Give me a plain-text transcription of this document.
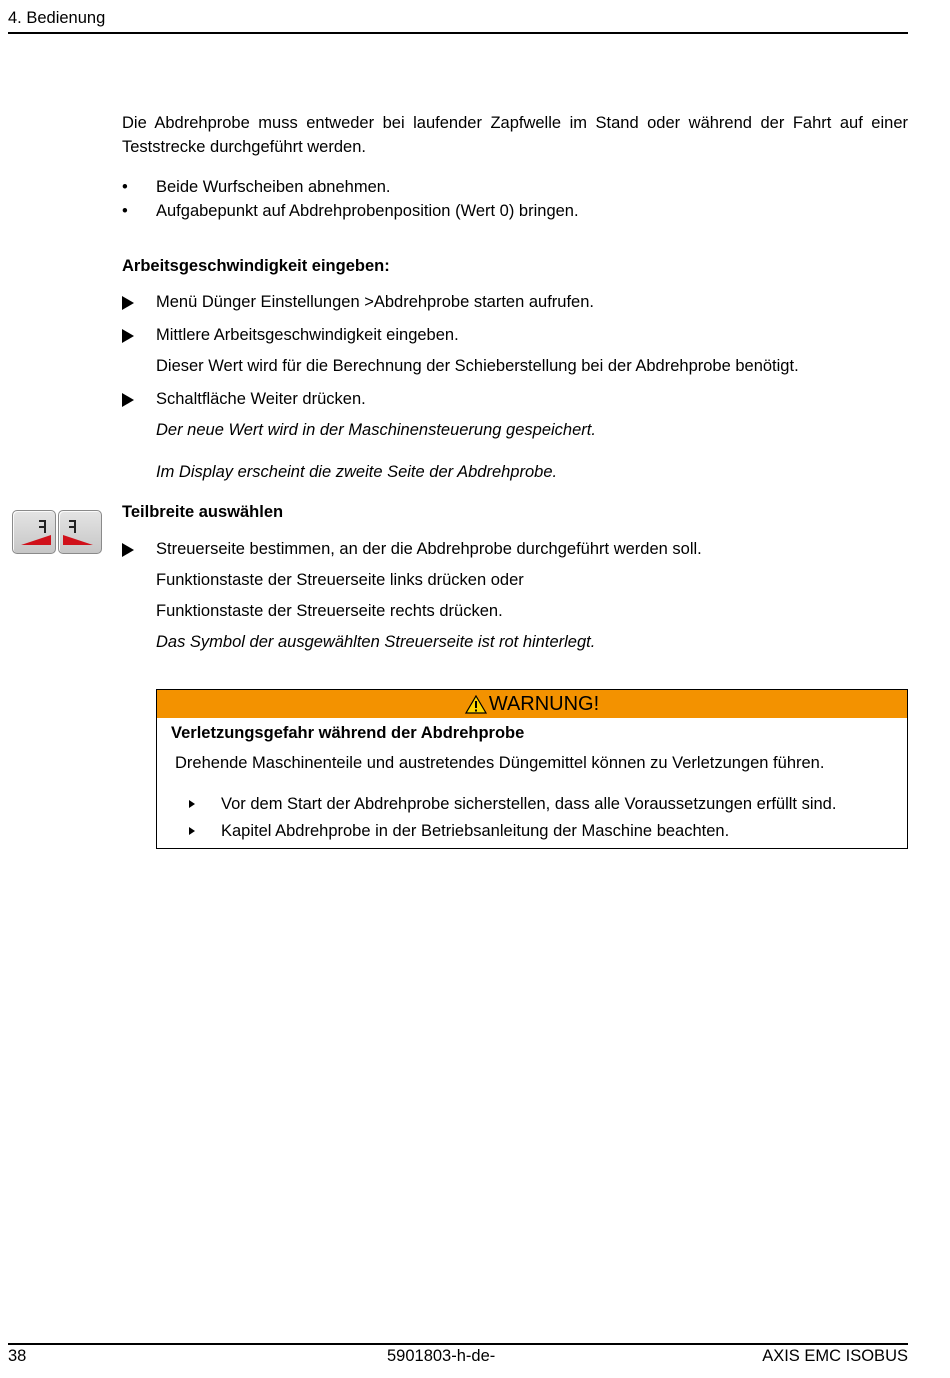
4. Bedienung
Die Abdrehprobe muss entweder bei laufender Zapfwelle im Stand oder während der Fahrt auf einer Teststrecke durchgeführt werden.
• Beide Wurfscheiben abnehmen.
• Aufgabepunkt auf Abdrehprobenposition (Wert 0) bringen.
Arbeitsgeschwindigkeit eingeben:
Menü Dünger Einstellungen >Abdrehprobe starten aufrufen.
Mittlere Arbeitsgeschwindigkeit eingeben.
Dieser Wert wird für die Berechnung der Schieberstellung bei der Abdrehprobe benötigt.
Schaltfläche Weiter drücken.
Der neue Wert wird in der Maschinensteuerung gespeichert.
Im Display erscheint die zweite Seite der Abdrehprobe.
Teilbreite auswählen
Streuerseite bestimmen, an der die Abdrehprobe durchgeführt werden soll.
Funktionstaste der Streuerseite links drücken oder
Funktionstaste der Streuerseite rechts drücken.
Das Symbol der ausgewählten Streuerseite ist rot hinterlegt.
WARNUNG!
Verletzungsgefahr während der Abdrehprobe
Drehende Maschinenteile und austretendes Düngemittel können zu Verletzungen führen.
Vor dem Start der Abdrehprobe sicherstellen, dass alle Voraussetzungen erfüllt sind.
Kapitel Abdrehprobe in der Betriebsanleitung der Maschine beachten.
38	5901803-h-de-	AXIS EMC ISOBUS
